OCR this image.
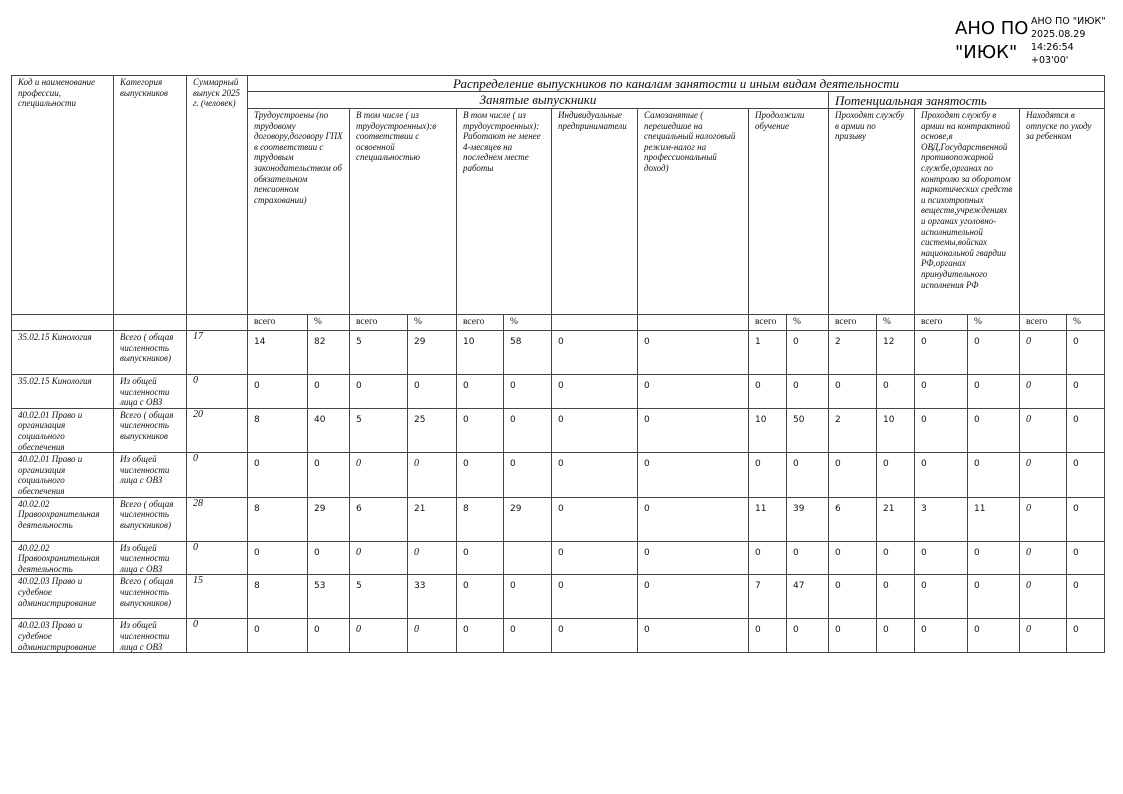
АНО ПО
"ИЮК"
АНО ПО "ИЮК"
2025.08.29
14:26:54
+03'00'
Код и наименование профессии, специальности	Категория выпускников	Суммарный выпуск 2025 г. (человек)	Распределение выпускников по каналам занятости и иным видам деятельности															
			Занятые выпускники										Потенциальная занятость					
			Трудоустроены (по трудовому договору,договору ГПХ в соответствии с трудовым законодательством об обязательном пенсионном страховании)		В том числе ( из трудоустроенных):в соответствии с освоенной специальностью		В том числе ( из трудоустроенных): Работают не менее 4-месяцев на последнем месте работы		Индивидуальные предприниматели	Самозанятые ( перешедшие на специальный налоговый режим-налог на профессиональный доход)	Продолжили обучение		Проходят службу в армии по призыву		Проходят службу в армии на контрактной основе,в ОВД,Государственной противопожарной службе,органах по контролю за оборотом наркотических средств и психотропных веществ,учреждениях и органах уголовно-исполнительной системы,войсках национальной гвардии РФ,органах принудительного исполнения РФ		Находятся в отпуске по уходу за ребенком	
			всего	%	всего	%	всего	%			всего	%	всего	%	всего	%	всего	%
35.02.15 Кинология	Всего ( общая численность выпускников)	17	14	82	5	29	10	58	0	0	1	0	2	12	0	0	0	0
35.02.15 Кинология	Из общей численности лица с ОВЗ	0	0	0	0	0	0	0	0	0	0	0	0	0	0	0	0	0
40.02.01 Право и организация социального обеспечения	Всего ( общая численность выпускников	20	8	40	5	25	0	0	0	0	10	50	2	10	0	0	0	0
40.02.01 Право и организация социального обеспечения	Из общей численности лица с ОВЗ	0	0	0	0	0	0	0	0	0	0	0	0	0	0	0	0	0
40.02.02 Правоохранительная деятельность	Всего ( общая численность выпускников)	28	8	29	6	21	8	29	0	0	11	39	6	21	3	11	0	0
40.02.02 Правоохранительная деятельность	Из общей численности лица с ОВЗ	0	0	0	0	0	0		0	0	0	0	0	0	0	0	0	0
40.02.03 Право и судебное администрирование	Всего ( общая численность выпускников)	15	8	53	5	33	0	0	0	0	7	47	0	0	0	0	0	0
40.02.03 Право и судебное администрирование	Из общей численности лица с ОВЗ	0	0	0	0	0	0	0	0	0	0	0	0	0	0	0	0	0
